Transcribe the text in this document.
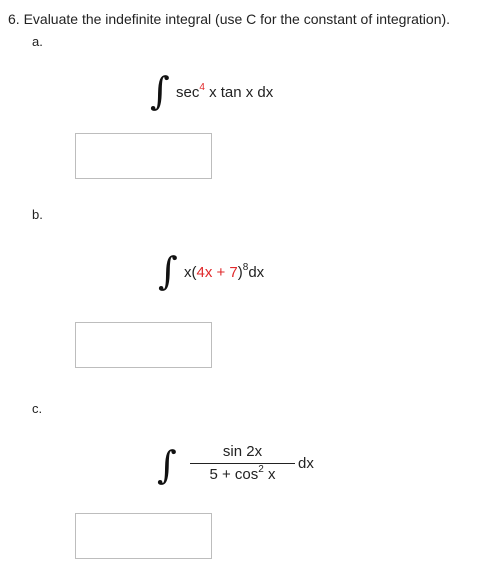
6. Evaluate the indefinite integral (use C for the constant of integration).
a.
∫ $\sec^4 x$ tan x dx
b.
∫ $x(4x + 7)^8dx$
c.
∫	sin 2x
$5 + \cos^2 x$
dx
